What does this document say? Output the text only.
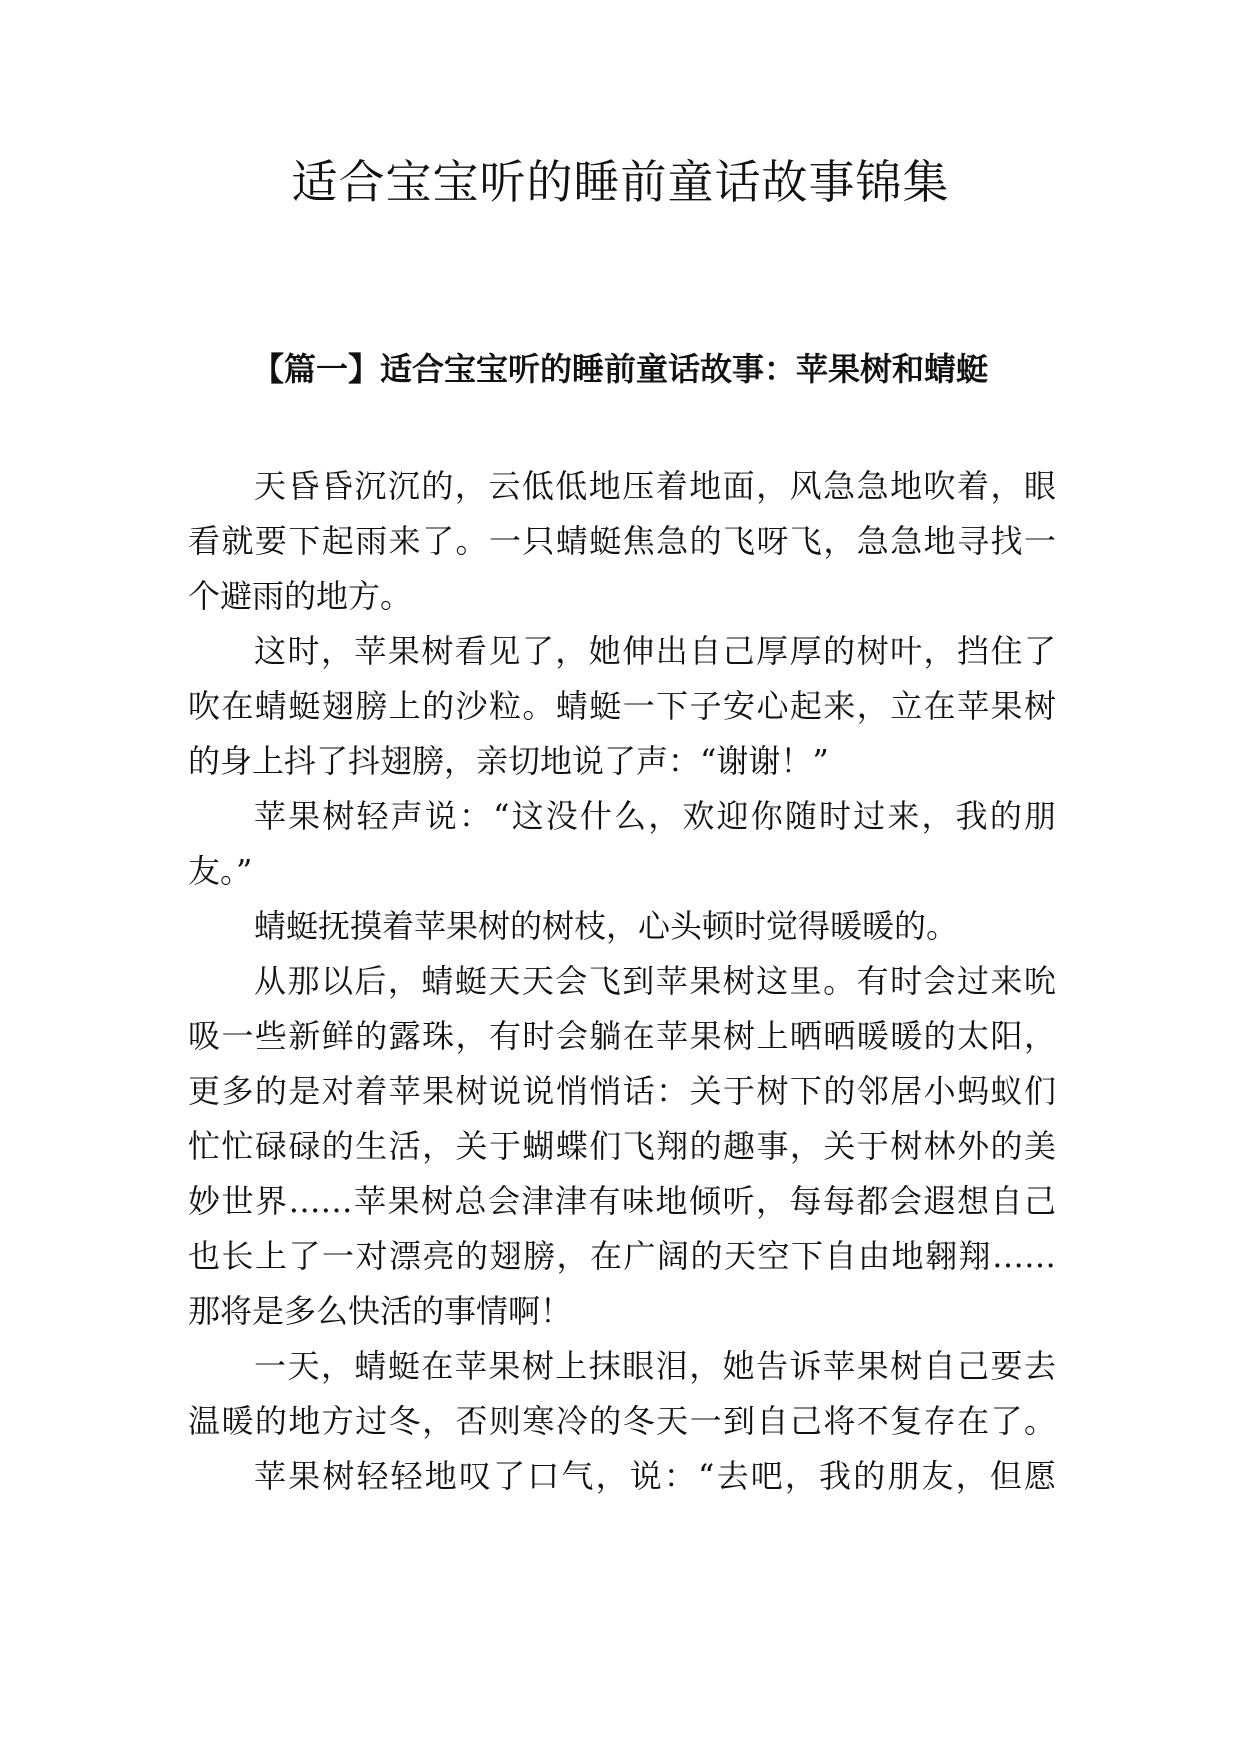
适合宝宝听的睡前童话故事锦集
【篇一】适合宝宝听的睡前童话故事：苹果树和蜻蜓

天昏昏沉沉的，云低低地压着地面，风急急地吹着，眼
看就要下起雨来了。一只蜻蜓焦急的飞呀飞，急急地寻找一
个避雨的地方。

这时，苹果树看见了，她伸出自己厚厚的树叶，挡住了
吹在蜻蜓翅膀上的沙粒。蜻蜓一下子安心起来，立在苹果树
的身上抖了抖翅膀，亲切地说了声：“谢谢！”

苹果树轻声说：“这没什么，欢迎你随时过来，我的朋
友。”

蜻蜓抚摸着苹果树的树枝，心头顿时觉得暖暖的。

从那以后，蜻蜓天天会飞到苹果树这里。有时会过来吮
吸一些新鲜的露珠，有时会躺在苹果树上晒晒暖暖的太阳，
更多的是对着苹果树说说悄悄话：关于树下的邻居小蚂蚁们
忙忙碌碌的生活，关于蝴蝶们飞翔的趣事，关于树林外的美
妙世界……苹果树总会津津有味地倾听，每每都会遐想自己
也长上了一对漂亮的翅膀，在广阔的天空下自由地翱翔……
那将是多么快活的事情啊！

一天，蜻蜓在苹果树上抹眼泪，她告诉苹果树自己要去
温暖的地方过冬，否则寒冷的冬天一到自己将不复存在了。

苹果树轻轻地叹了口气，说：“去吧，我的朋友，但愿
